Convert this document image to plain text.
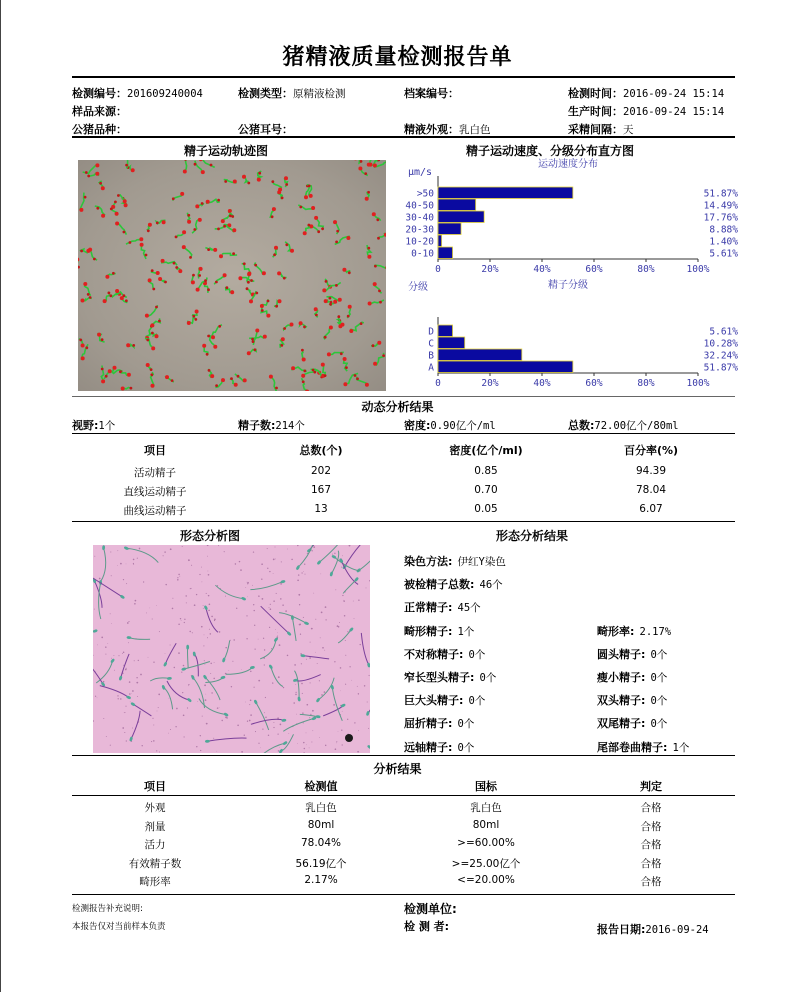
猪精液质量检测报告单
检测编号：201609240004	检测类型：原精液检测	档案编号：	检测时间：2016-09-24 15:14
样品来源：	生产时间：2016-09-24 15:14
公猪品种：	公猪耳号：	精液外观：乳白色	采精间隔：天
精子运动轨迹图	精子运动速度、分级分布直方图
运动速度分布
μm/s
>50	51.87%
40-50	14.49%
30-40	17.76%
20-30	8.88%
10-20	1.40%
0-10	5.61%
0	20%	40%	60%	80%	100%
精子分级
分级
D	5.61%
C	10.28%
B	32.24%
A	51.87%
0	20%	40%	60%	80%	100%
动态分析结果
视野:1个	精子数:214个	密度:0.90亿个/ml	总数:72.00亿个/80ml
项目	总数(个)	密度(亿个/ml)	百分率(%)
活动精子	202	0.85	94.39
直线运动精子	167	0.70	78.04
曲线运动精子	13	0.05	6.07
形态分析图	形态分析结果
染色方法: 伊红Y染色
被检精子总数: 46个
正常精子: 45个
畸形精子: 1个	畸形率: 2.17%
不对称精子: 0个	圆头精子: 0个
窄长型头精子: 0个	瘦小精子: 0个
巨大头精子: 0个	双头精子: 0个
屈折精子: 0个	双尾精子: 0个
远轴精子: 0个	尾部卷曲精子: 1个
分析结果
项目	检测值	国标	判定
外观	乳白色	乳白色	合格
剂量	80ml	80ml	合格
活力	78.04%	>=60.00%	合格
有效精子数	56.19亿个	>=25.00亿个	合格
畸形率	2.17%	<=20.00%	合格
检测报告补充说明:
本报告仅对当前样本负责
检测单位:
检 测 者:	报告日期:2016-09-24
